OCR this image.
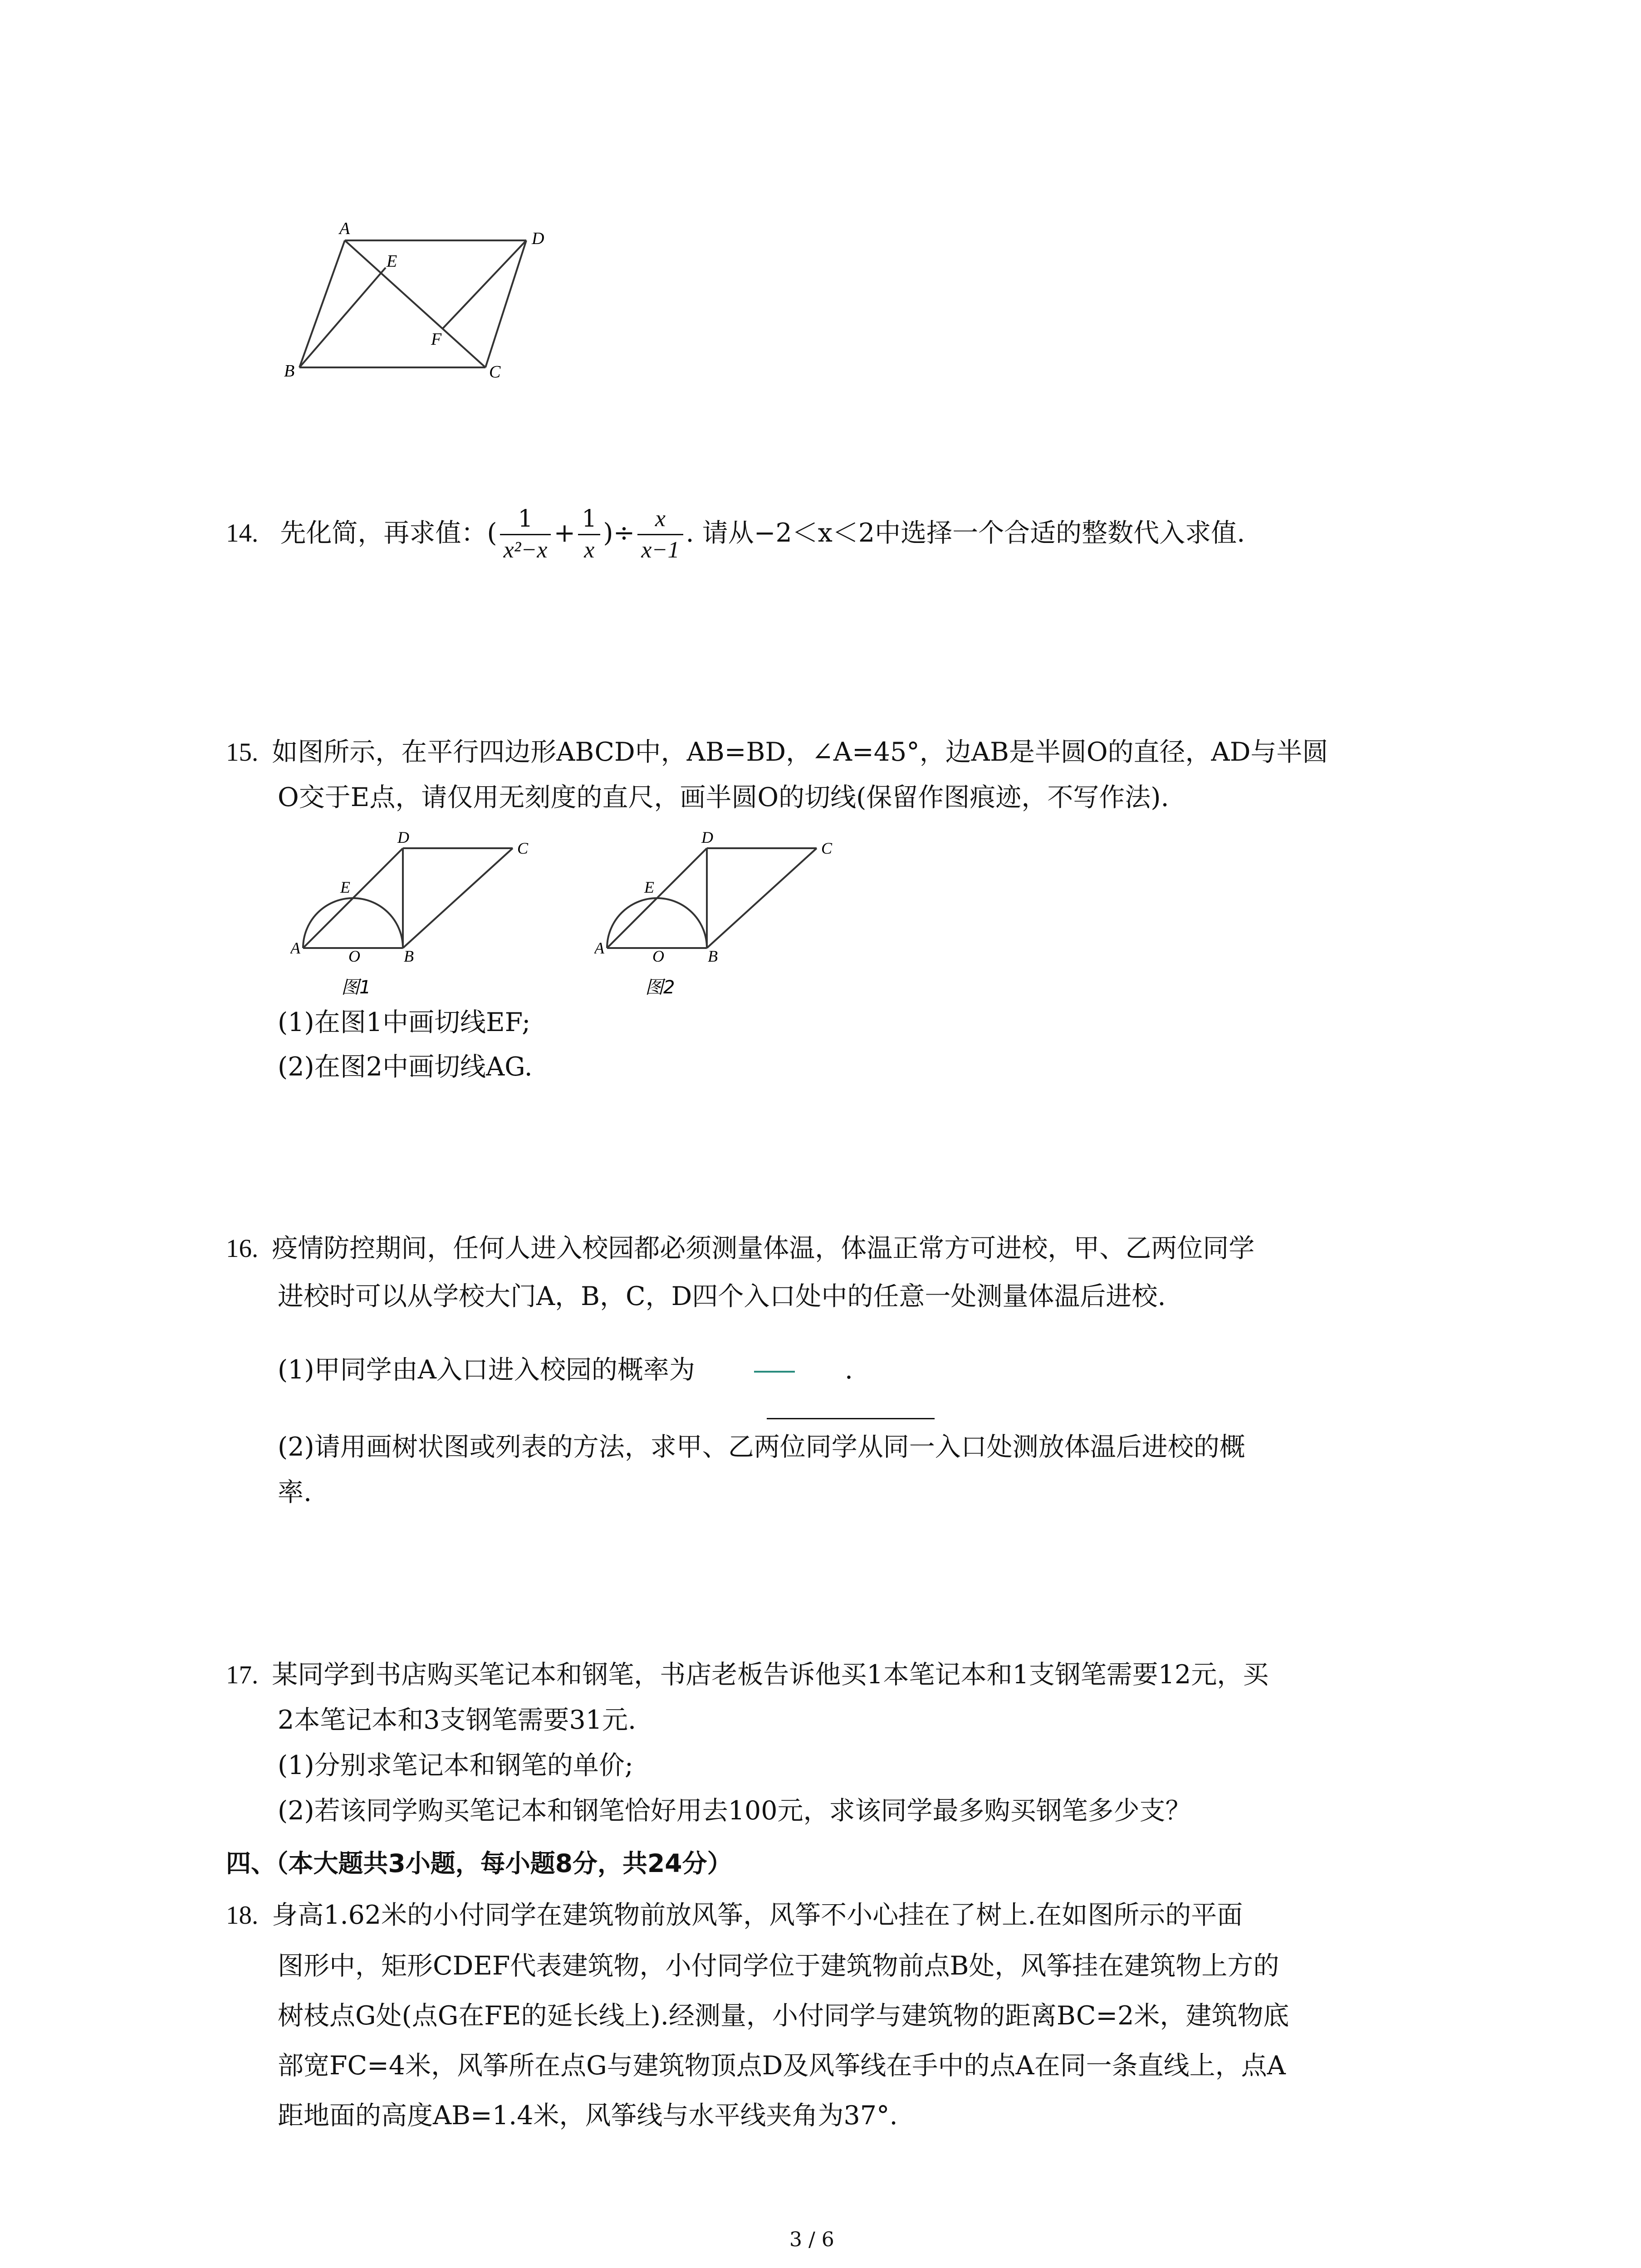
A
D
E
F
B	C
14. 先化简，再求值：( $\frac{1}{\text{x²−x}} + \frac{1}{x}$ )÷ $\frac{x}{x-1}$ . 请从−2＜x＜2中选择一个合适的整数代入求值.
15. 如图所示，在平行四边形ABCD中，AB=BD，∠A=45°，边AB是半圆O的直径，AD与半圆
O交于E点，请仅用无刻度的直尺，画半圆O的切线(保留作图痕迹，不写作法).
A
E
D
C
O	B
图1
A
E
D
C
O	B
图2
(1)在图1中画切线EF;
(2)在图2中画切线AG.
16. 疫情防控期间，任何人进入校园都必须测量体温，体温正常方可进校，甲、乙两位同学
进校时可以从学校大门A，B，C，D四个入口处中的任意一处测量体温后进校.
(1)甲同学由A入口进入校园的概率为	.
(2)请用画树状图或列表的方法，求甲、乙两位同学从同一入口处测放体温后进校的概
率.
17. 某同学到书店购买笔记本和钢笔，书店老板告诉他买1本笔记本和1支钢笔需要12元，买
2本笔记本和3支钢笔需要31元.
(1)分别求笔记本和钢笔的单价;
(2)若该同学购买笔记本和钢笔恰好用去100元，求该同学最多购买钢笔多少支？
四、（本大题共3小题，每小题8分，共24分）
18. 身高1.62米的小付同学在建筑物前放风筝，风筝不小心挂在了树上.在如图所示的平面
图形中，矩形CDEF代表建筑物，小付同学位于建筑物前点B处，风筝挂在建筑物上方的
树枝点G处(点G在FE的延长线上).经测量，小付同学与建筑物的距离BC=2米，建筑物底
部宽FC=4米，风筝所在点G与建筑物顶点D及风筝线在手中的点A在同一条直线上，点A
距地面的高度AB=1.4米，风筝线与水平线夹角为37°.
3 / 6
